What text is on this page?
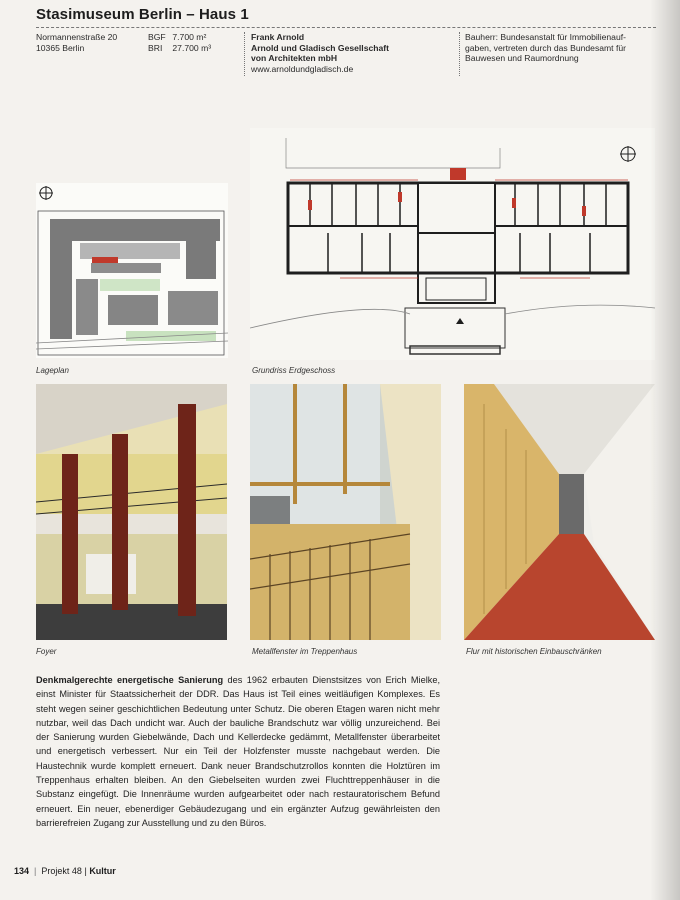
Stasimuseum Berlin – Haus 1
Normannenstraße 20
10365 Berlin
BGF 7.700 m²
BRI 27.700 m³
Frank Arnold
Arnold und Gladisch Gesellschaft
von Architekten mbH
www.arnoldundgladisch.de
Bauherr: Bundesanstalt für Immobilienauf-
gaben, vertreten durch das Bundesamt für
Bauwesen und Raumordnung
Lageplan	Grundriss Erdgeschoss
Foyer	Metallfenster im Treppenhaus	Flur mit historischen Einbauschränken
Denkmalgerechte energetische Sanierung des 1962 erbauten Dienstsitzes von Erich Mielke, einst Minister für Staatssicherheit der DDR. Das Haus ist Teil eines weitläufigen Komplexes. Es steht wegen seiner geschichtlichen Bedeutung unter Schutz. Die oberen Etagen waren nicht mehr nutzbar, weil das Dach undicht war. Auch der bauliche Brandschutz war völlig unzureichend. Bei der Sanierung wurden Giebelwände, Dach und Kellerdecke gedämmt, Metallfenster überarbeitet und energetisch verbessert. Nur ein Teil der Holzfenster musste nachgebaut werden. Die Haustechnik wurde komplett erneuert. Dank neuer Brandschutzrollos konnten die Holztüren im Treppenhaus erhalten bleiben. An den Giebelseiten wurden zwei Fluchttreppenhäuser in die Substanz eingefügt. Die Innenräume wurden aufgearbeitet oder nach restauratorischem Befund erneuert. Ein neuer, ebenerdiger Gebäudezugang und ein ergänzter Aufzug gewährleisten den barrierefreien Zugang zur Ausstellung und zu den Büros.
134  |  Projekt 48 | Kultur
